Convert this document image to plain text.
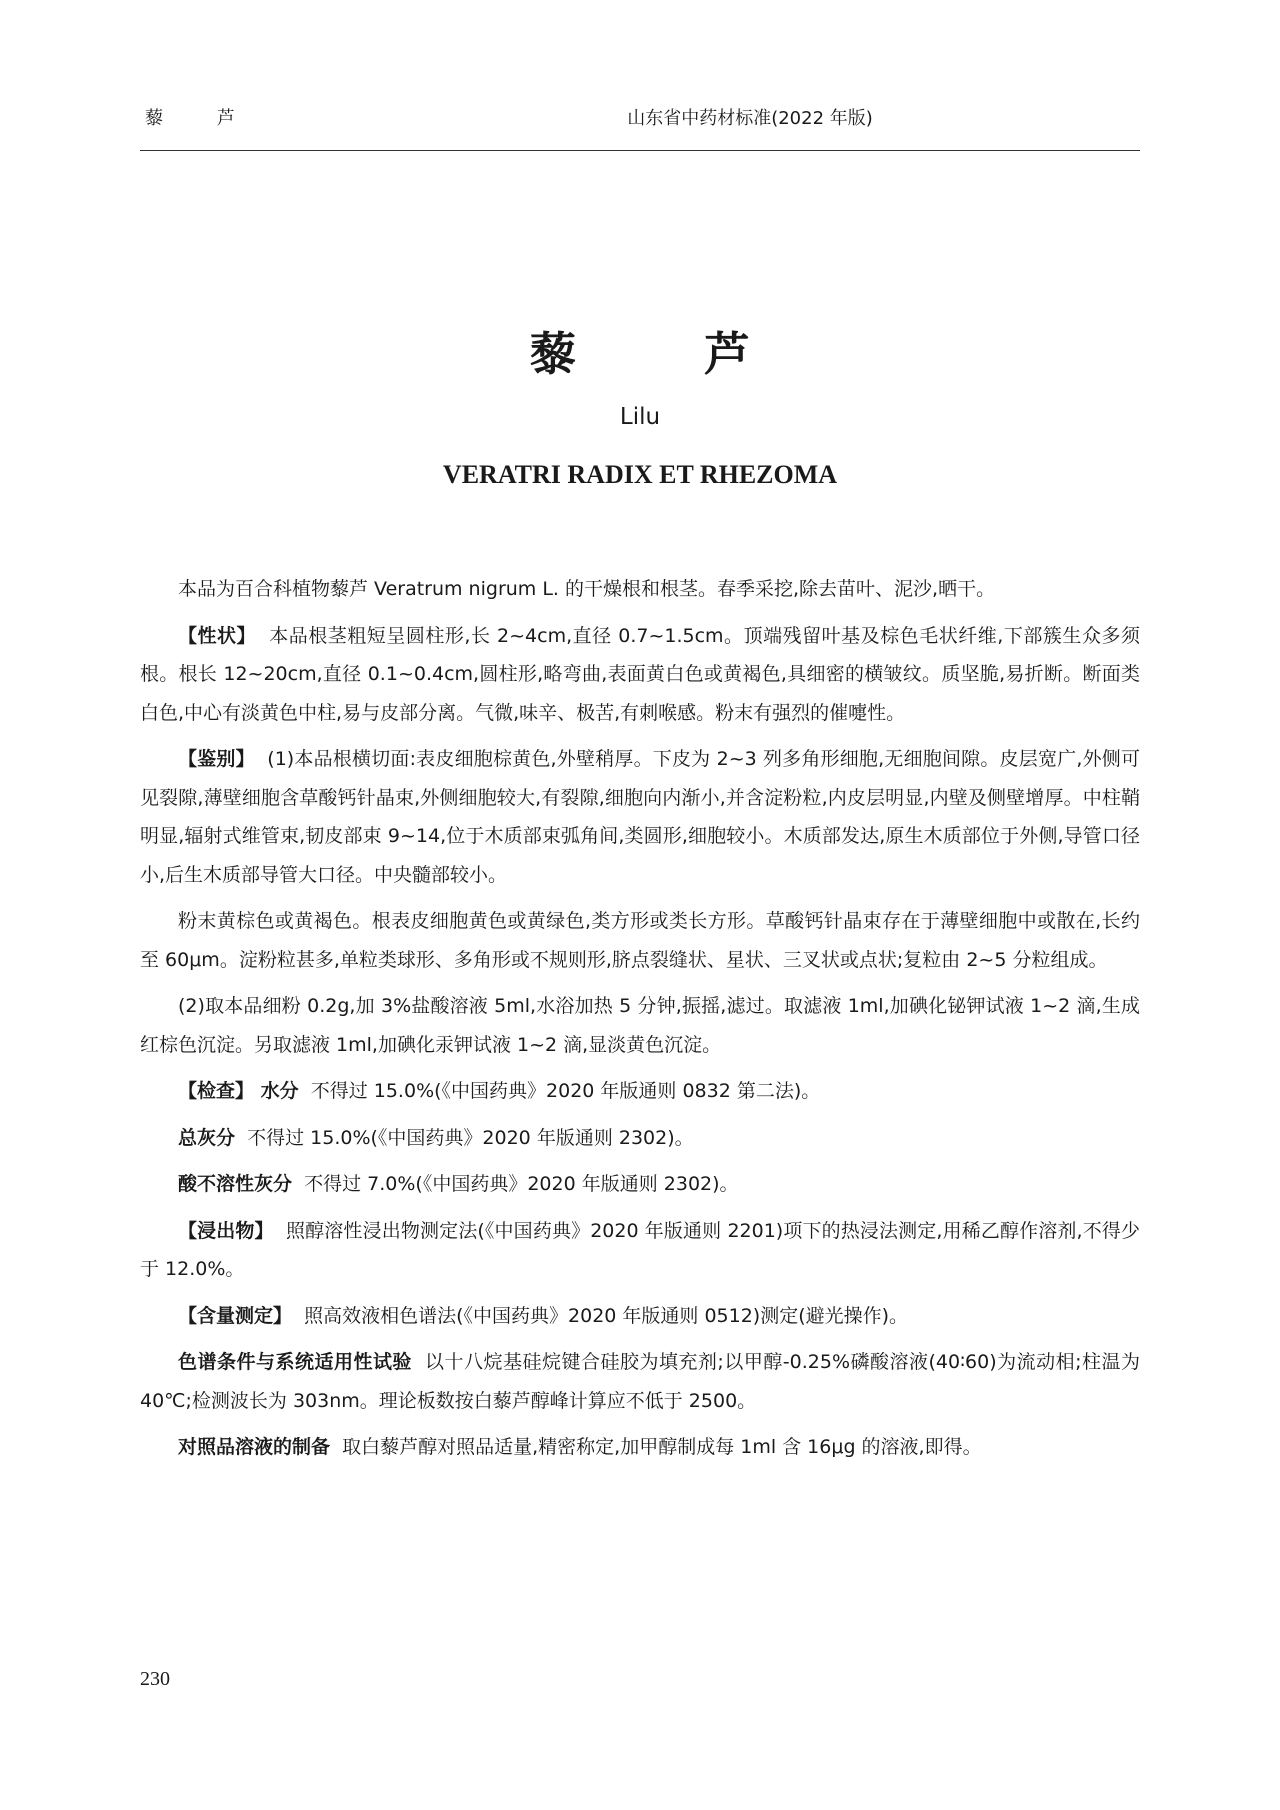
藜 芦	山东省中药材标准(2022 年版)
藜 芦
Lilu
VERATRI RADIX ET RHEZOMA

本品为百合科植物藜芦 Veratrum nigrum L. 的干燥根和根茎。春季采挖,除去苗叶、泥沙,晒干。

【性状】 本品根茎粗短呈圆柱形,长 2~4cm,直径 0.7~1.5cm。顶端残留叶基及棕色毛状纤维,下部簇生众多须根。根长 12~20cm,直径 0.1~0.4cm,圆柱形,略弯曲,表面黄白色或黄褐色,具细密的横皱纹。质坚脆,易折断。断面类白色,中心有淡黄色中柱,易与皮部分离。气微,味辛、极苦,有刺喉感。粉末有强烈的催嚏性。

【鉴别】 (1)本品根横切面:表皮细胞棕黄色,外壁稍厚。下皮为 2~3 列多角形细胞,无细胞间隙。皮层宽广,外侧可见裂隙,薄壁细胞含草酸钙针晶束,外侧细胞较大,有裂隙,细胞向内渐小,并含淀粉粒,内皮层明显,内壁及侧壁增厚。中柱鞘明显,辐射式维管束,韧皮部束 9~14,位于木质部束弧角间,类圆形,细胞较小。木质部发达,原生木质部位于外侧,导管口径小,后生木质部导管大口径。中央髓部较小。

粉末黄棕色或黄褐色。根表皮细胞黄色或黄绿色,类方形或类长方形。草酸钙针晶束存在于薄壁细胞中或散在,长约至 60μm。淀粉粒甚多,单粒类球形、多角形或不规则形,脐点裂缝状、星状、三叉状或点状;复粒由 2~5 分粒组成。

(2)取本品细粉 0.2g,加 3%盐酸溶液 5ml,水浴加热 5 分钟,振摇,滤过。取滤液 1ml,加碘化铋钾试液 1~2 滴,生成红棕色沉淀。另取滤液 1ml,加碘化汞钾试液 1~2 滴,显淡黄色沉淀。

【检查】 水分 不得过 15.0%(《中国药典》2020 年版通则 0832 第二法)。

总灰分 不得过 15.0%(《中国药典》2020 年版通则 2302)。

酸不溶性灰分 不得过 7.0%(《中国药典》2020 年版通则 2302)。

【浸出物】 照醇溶性浸出物测定法(《中国药典》2020 年版通则 2201)项下的热浸法测定,用稀乙醇作溶剂,不得少于 12.0%。

【含量测定】 照高效液相色谱法(《中国药典》2020 年版通则 0512)测定(避光操作)。

色谱条件与系统适用性试验 以十八烷基硅烷键合硅胶为填充剂;以甲醇-0.25%磷酸溶液(40∶60)为流动相;柱温为 40℃;检测波长为 303nm。理论板数按白藜芦醇峰计算应不低于 2500。

对照品溶液的制备 取白藜芦醇对照品适量,精密称定,加甲醇制成每 1ml 含 16μg 的溶液,即得。

230
